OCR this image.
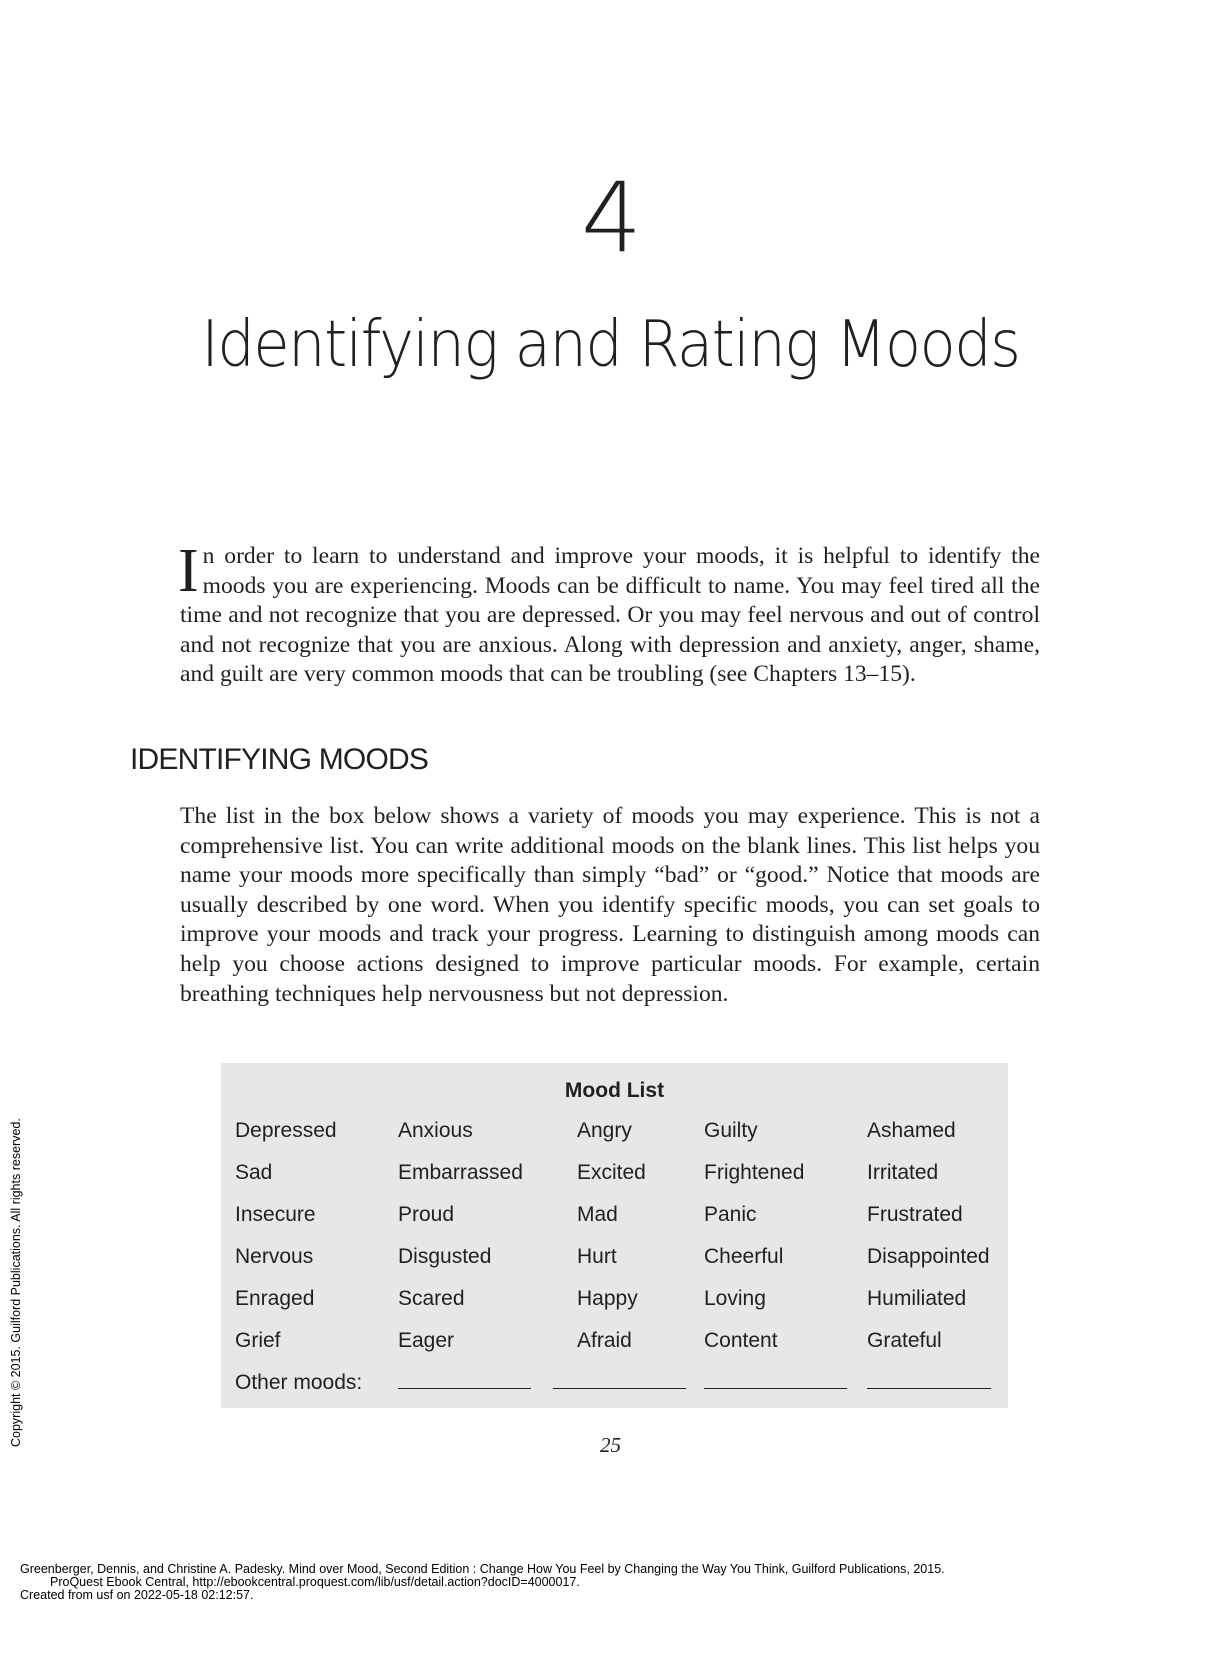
4
Identifying and Rating Moods
In order to learn to understand and improve your moods, it is helpful to identify the moods you are experiencing. Moods can be difficult to name. You may feel tired all the time and not recognize that you are depressed. Or you may feel nervous and out of control and not recognize that you are anxious. Along with depression and anxiety, anger, shame, and guilt are very common moods that can be troubling (see Chapters 13–15).
IDENTIFYING MOODS
The list in the box below shows a variety of moods you may experience. This is not a comprehensive list. You can write additional moods on the blank lines. This list helps you name your moods more specifically than simply “bad” or “good.” Notice that moods are usually described by one word. When you identify specific moods, you can set goals to improve your moods and track your progress. Learning to distinguish among moods can help you choose actions designed to improve particular moods. For example, certain breathing techniques help nervousness but not depression.
Mood List
Depressed	Anxious	Angry	Guilty	Ashamed
Sad	Embarrassed	Excited	Frightened	Irritated
Insecure	Proud	Mad	Panic	Frustrated
Nervous	Disgusted	Hurt	Cheerful	Disappointed
Enraged	Scared	Happy	Loving	Humiliated
Grief	Eager	Afraid	Content	Grateful
Other moods:
25
Copyright © 2015. Guilford Publications. All rights reserved.
Greenberger, Dennis, and Christine A. Padesky. Mind over Mood, Second Edition : Change How You Feel by Changing the Way You Think, Guilford Publications, 2015.
ProQuest Ebook Central, http://ebookcentral.proquest.com/lib/usf/detail.action?docID=4000017.
Created from usf on 2022-05-18 02:12:57.
